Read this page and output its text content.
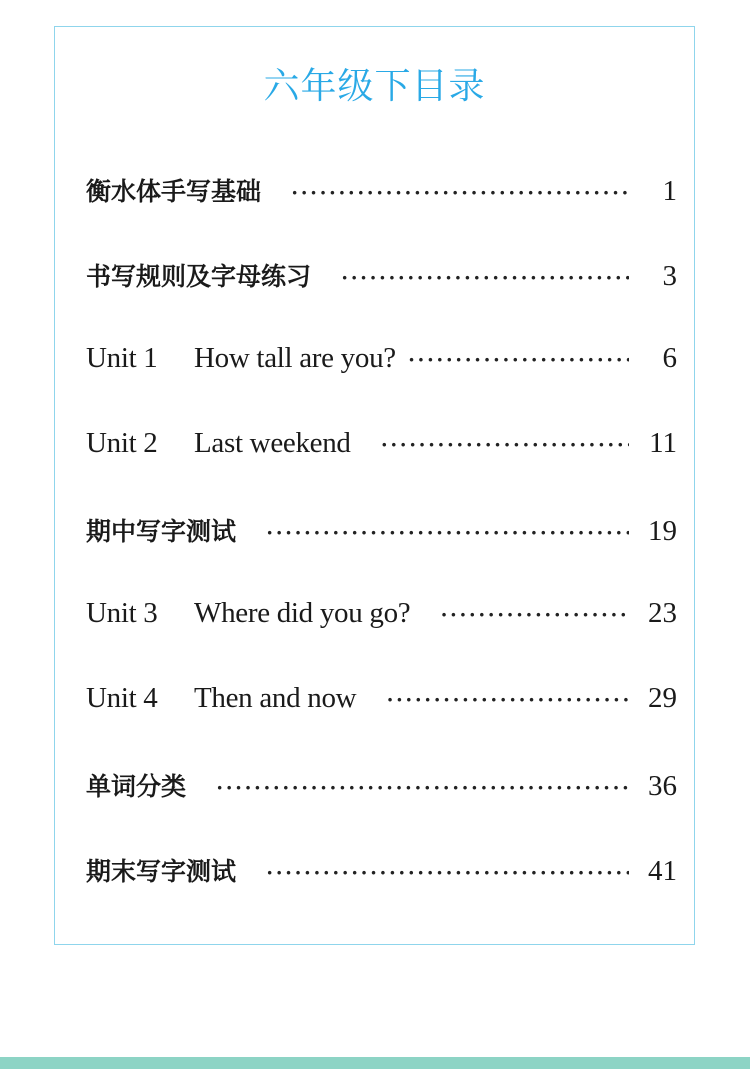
六年级下目录
衡水体手写基础 ·····	1
书写规则及字母练习 ·····	3
Unit 1	How tall are you? ·····	6
Unit 2	Last weekend ·····	11
期中写字测试 ·····	19
Unit 3	Where did you go? ·····	23
Unit 4	Then and now ·····	29
单词分类 ·····	36
期末写字测试 ·····	41
